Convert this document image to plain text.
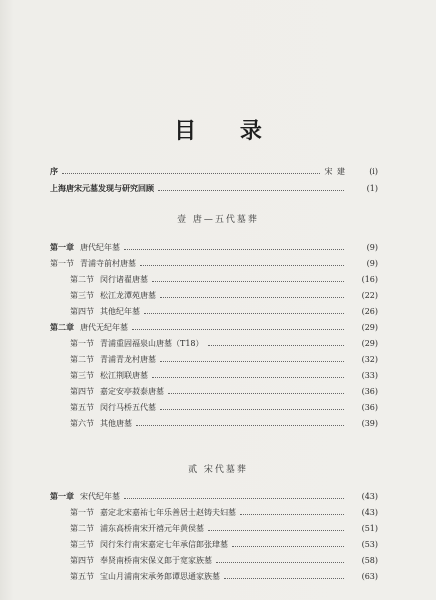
目 录
序	宋 建	(i)
上海唐宋元墓发现与研究回顾	(1)
壹 唐—五代墓葬
第一章 唐代纪年墓	(9)
第一节 青浦寺前村唐墓	(9)
第二节 闵行诸翟唐墓	(16)
第三节 松江龙潭苑唐墓	(22)
第四节 其他纪年墓	(26)
第二章 唐代无纪年墓	(29)
第一节 青浦重固福泉山唐墓（T18）	(29)
第二节 青浦青龙村唐墓	(32)
第三节 松江荆联唐墓	(33)
第四节 嘉定安亭菽泰唐墓	(36)
第五节 闵行马桥五代墓	(36)
第六节 其他唐墓	(39)
贰 宋代墓葬
第一章 宋代纪年墓	(43)
第一节 嘉定北宋嘉祐七年乐善居士赵铸夫妇墓	(43)
第二节 浦东高桥南宋开禧元年黄侯墓	(51)
第三节 闵行朱行南宋嘉定七年承信郎张珒墓	(53)
第四节 奉贤南桥南宋保义郎于宽家族墓	(58)
第五节 宝山月浦南宋承务郎谭思通家族墓	(63)
